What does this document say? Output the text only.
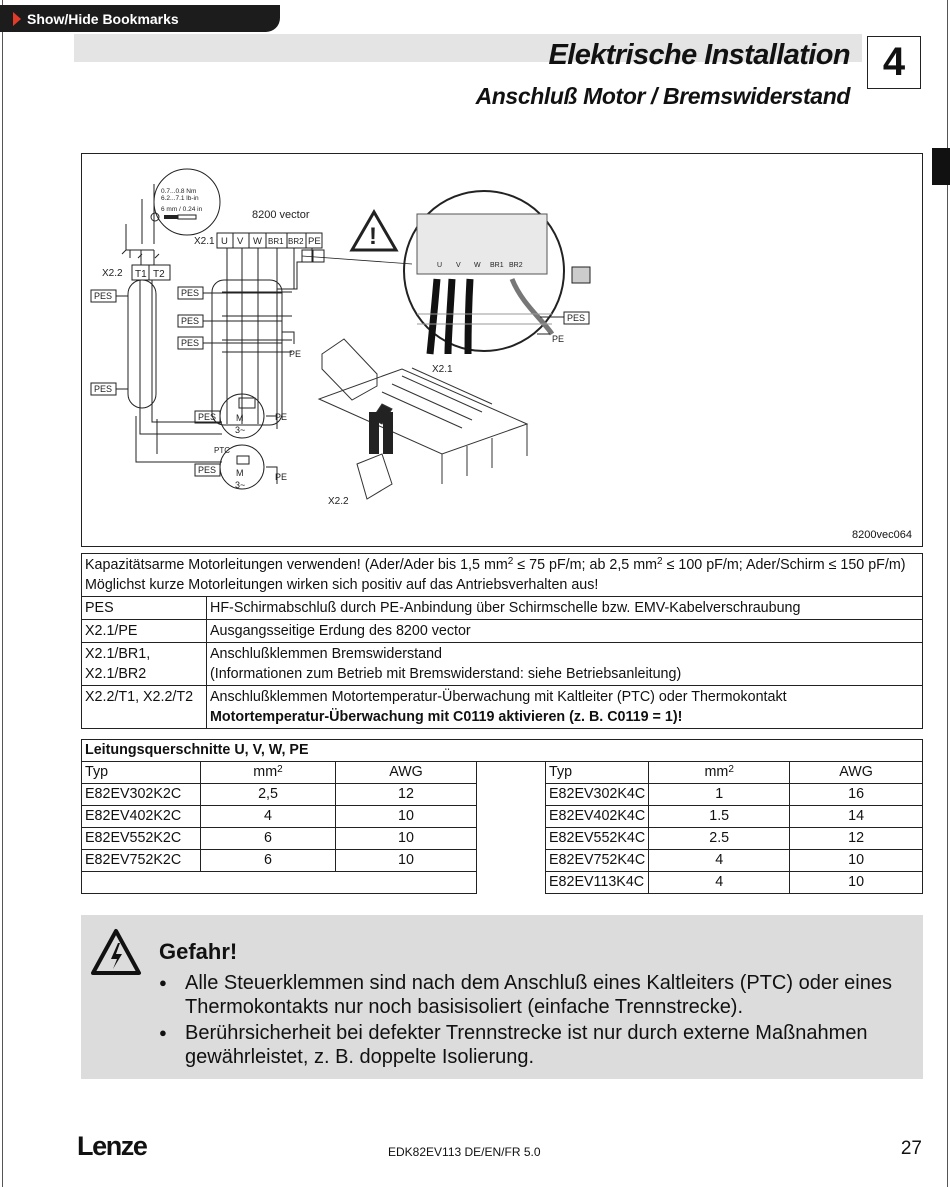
Show/Hide Bookmarks
Elektrische Installation
Anschluß Motor / Bremswiderstand
4
0.7...0.8 Nm
6.2...7.1 lb-in
6 mm / 0.24 in	8200 vector
X2.1 U V W BR1 BR2 PE
X2.2 T1 T2
PES	PES
PES
PES
PES
PES
PES
PE
M
3~
PE
M
3~
PTC
PE
!
U V W BR1 BR2
PES
PE
X2.1
X2.2
8200vec064
Kapazitätsarme Motorleitungen verwenden! (Ader/Ader bis 1,5 $mm^2 \le 75$ pF/m; ab 2,5 $mm^2 \le 100$ pF/m; Ader/Schirm ≤ 150 pF/m)
Möglichst kurze Motorleitungen wirken sich positiv auf das Antriebsverhalten aus!	
PES	HF-Schirmabschluß durch PE-Anbindung über Schirmschelle bzw. EMV-Kabelverschraubung
X2.1/PE	Ausgangsseitige Erdung des 8200 vector
X2.1/BR1,
X2.1/BR2	Anschlußklemmen Bremswiderstand
(Informationen zum Betrieb mit Bremswiderstand: siehe Betriebsanleitung)
X2.2/T1, X2.2/T2	Anschlußklemmen Motortemperatur-Überwachung mit Kaltleiter (PTC) oder Thermokontakt
Motortemperatur-Überwachung mit C0119 aktivieren (z. B. C0119 = 1)!
Leitungsquerschnitte U, V, W, PE						
Typ	$mm^2$	AWG		Typ	$mm^2$	AWG
E82EV302K2C	2,5	12		E82EV302K4C	1	16
E82EV402K2C	4	10		E82EV402K4C	1.5	14
E82EV552K2C	6	10		E82EV552K4C	2.5	12
E82EV752K2C	6	10		E82EV752K4C	4	10
				E82EV113K4C	4	10
Gefahr!
● Alle Steuerklemmen sind nach dem Anschluß eines Kaltleiters (PTC) oder eines Thermokontakts nur noch basisisoliert (einfache Trennstrecke).
● Berührsicherheit bei defekter Trennstrecke ist nur durch externe Maßnahmen gewährleistet, z. B. doppelte Isolierung.
Lenze	EDK82EV113 DE/EN/FR 5.0	27
